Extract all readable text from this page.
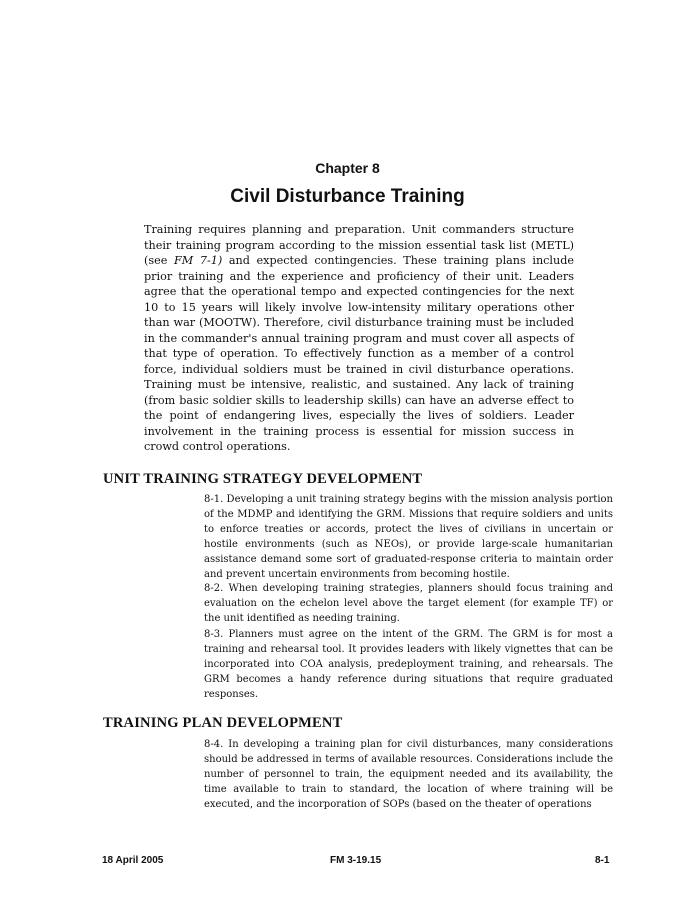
Chapter 8
Civil Disturbance Training

Training requires planning and preparation. Unit commanders structure their training program according to the mission essential task list (METL) (see FM 7-1) and expected contingencies. These training plans include prior training and the experience and proficiency of their unit. Leaders agree that the operational tempo and expected contingencies for the next 10 to 15 years will likely involve low-intensity military operations other than war (MOOTW). Therefore, civil disturbance training must be included in the commander's annual training program and must cover all aspects of that type of operation. To effectively function as a member of a control force, individual soldiers must be trained in civil disturbance operations. Training must be intensive, realistic, and sustained. Any lack of training (from basic soldier skills to leadership skills) can have an adverse effect to the point of endangering lives, especially the lives of soldiers. Leader involvement in the training process is essential for mission success in crowd control operations.

UNIT TRAINING STRATEGY DEVELOPMENT

8-1. Developing a unit training strategy begins with the mission analysis portion of the MDMP and identifying the GRM. Missions that require soldiers and units to enforce treaties or accords, protect the lives of civilians in uncertain or hostile environments (such as NEOs), or provide large-scale humanitarian assistance demand some sort of graduated-response criteria to maintain order and prevent uncertain environments from becoming hostile.

8-2. When developing training strategies, planners should focus training and evaluation on the echelon level above the target element (for example TF) or the unit identified as needing training.

8-3. Planners must agree on the intent of the GRM. The GRM is for most a training and rehearsal tool. It provides leaders with likely vignettes that can be incorporated into COA analysis, predeployment training, and rehearsals. The GRM becomes a handy reference during situations that require graduated responses.

TRAINING PLAN DEVELOPMENT

8-4. In developing a training plan for civil disturbances, many considerations should be addressed in terms of available resources. Considerations include the number of personnel to train, the equipment needed and its availability, the time available to train to standard, the location of where training will be executed, and the incorporation of SOPs (based on the theater of operations

18 April 2005	FM 3-19.15	8-1
